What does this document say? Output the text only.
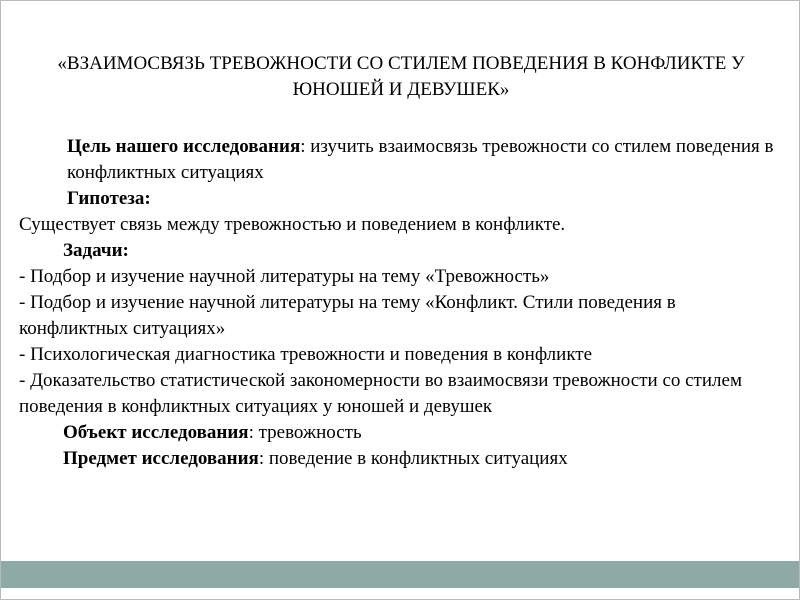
«ВЗАИМОСВЯЗЬ ТРЕВОЖНОСТИ СО СТИЛЕМ ПОВЕДЕНИЯ В КОНФЛИКТЕ У ЮНОШЕЙ И ДЕВУШЕК»

Цель нашего исследования: изучить взаимосвязь тревожности со стилем поведения в конфликтных ситуациях

Гипотеза:

Существует связь между тревожностью и поведением в конфликте.

Задачи:

- Подбор и изучение научной литературы на тему «Тревожность»

- Подбор и изучение научной литературы на тему «Конфликт. Стили поведения в конфликтных ситуациях»

- Психологическая диагностика тревожности и поведения в конфликте

- Доказательство статистической закономерности во взаимосвязи тревожности со стилем поведения в конфликтных ситуациях у юношей и девушек

Объект исследования: тревожность

Предмет исследования: поведение в конфликтных ситуациях
